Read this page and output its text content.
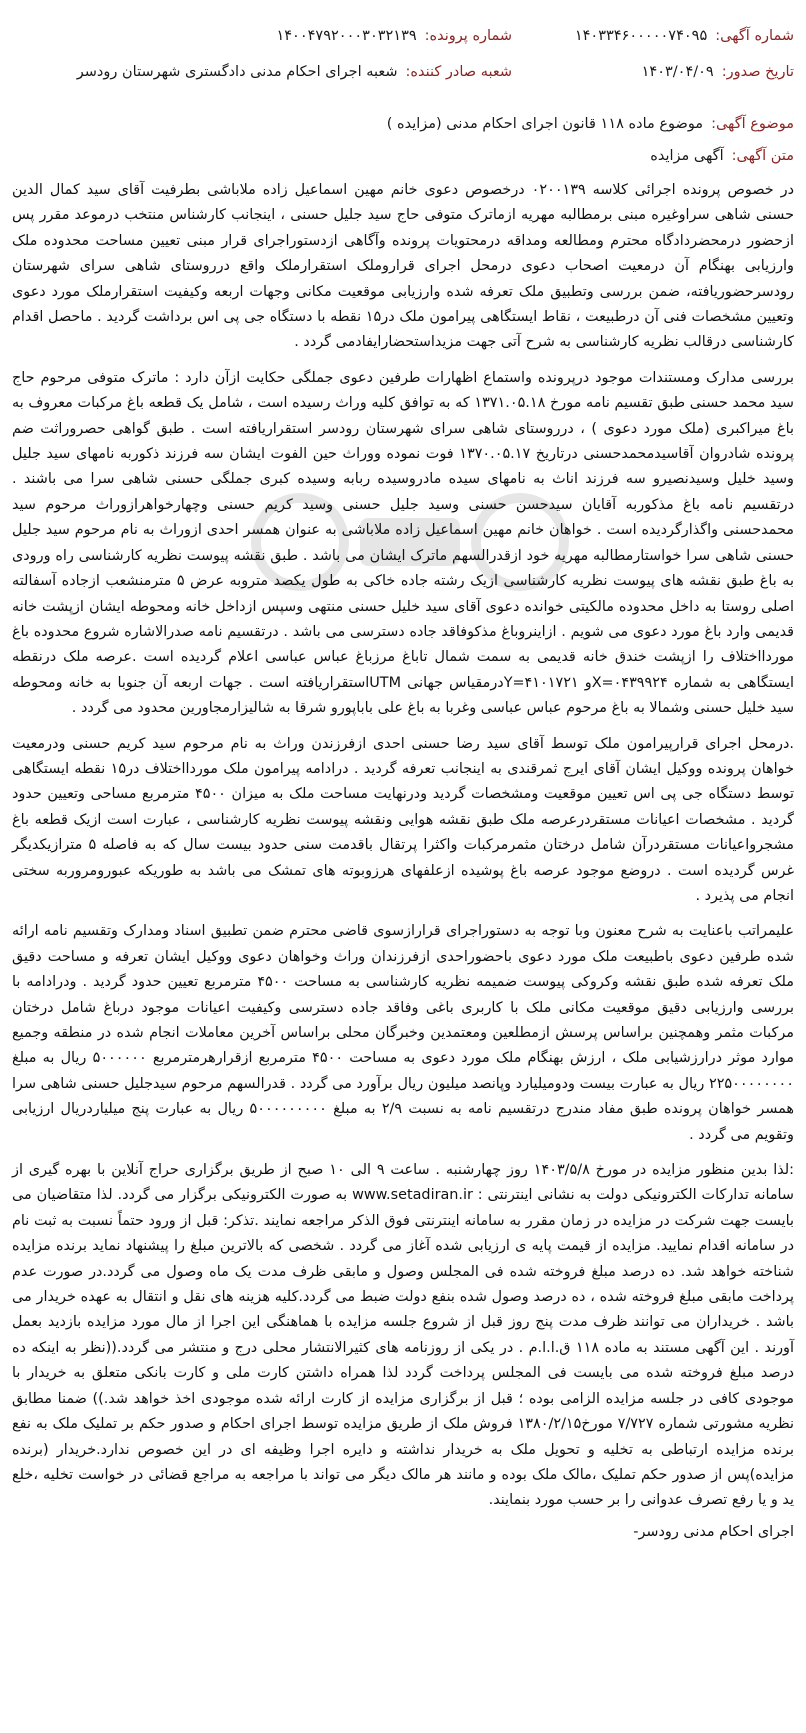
شماره آگهی:
۱۴۰۳۳۴۶۰۰۰۰۰۷۴۰۹۵
شماره پرونده:
۱۴۰۰۴۷۹۲۰۰۰۳۰۳۲۱۳۹
تاریخ صدور:
۱۴۰۳/۰۴/۰۹
شعبه صادر کننده:
شعبه اجرای احکام مدنی دادگستری شهرستان رودسر
موضوع آگهی:
موضوع ماده ۱۱۸ قانون اجرای احکام مدنی (مزایده )
متن آگهی:
آگهی مزایده

در خصوص پرونده اجرائی کلاسه ۰۲۰۰۱۳۹ درخصوص دعوی خانم مهین اسماعیل زاده ملاباشی بطرفیت آقای سید کمال الدین حسنی شاهی سراوغیره مبنی برمطالبه مهریه ازماترک متوفی حاج سید جلیل حسنی ، اینجانب کارشناس منتخب درموعد مقرر پس ازحضور درمحضردادگاه محترم ومطالعه ومداقه درمحتویات پرونده وآگاهی ازدستوراجرای قرار مبنی تعیین مساحت محدوده ملک وارزیابی بهنگام آن درمعیت اصحاب دعوی درمحل اجرای قراروملک استقرارملک واقع درروستای شاهی سرای شهرستان رودسرحضوریافته، ضمن بررسی وتطبیق ملک تعرفه شده وارزیابی موقعیت مکانی وجهات اربعه وکیفیت استقرارملک مورد دعوی وتعیین مشخصات فنی آن درطبیعت ، نقاط ایستگاهی پیرامون ملک در۱۵ نقطه با دستگاه جی پی اس برداشت گردید . ماحصل اقدام کارشناسی درقالب نظریه کارشناسی به شرح آتی جهت مزیداستحضارایفادمی گردد .

بررسی مدارک ومستندات موجود درپرونده واستماع اظهارات طرفین دعوی جملگی حکایت ازآن دارد : ماترک متوفی مرحوم حاج سید محمد حسنی طبق تقسیم نامه مورخ ۱۳۷۱.۰۵.۱۸ که به توافق کلیه وراث رسیده است ، شامل یک قطعه باغ مرکبات معروف به باغ میراکبری (ملک مورد دعوی ) ، درروستای شاهی سرای شهرستان رودسر استقراریافته است . طبق گواهی حصروراثت ضم پرونده شادروان آقاسیدمحمدحسنی درتاریخ ۱۳۷۰.۰۵.۱۷ فوت نموده ووراث حین الفوت ایشان سه فرزند ذکوربه نامهای سید جلیل وسید خلیل وسیدنصیرو سه فرزند اناث به نامهای سیده مادروسیده ربابه وسیده کبری جملگی حسنی شاهی سرا می باشند . درتقسیم نامه باغ مذکوربه آقایان سیدحسن حسنی وسید جلیل حسنی وسید کریم حسنی وچهارخواهرازوراث مرحوم سید محمدحسنی واگذارگردیده است . خواهان خانم مهین اسماعیل زاده ملاباشی به عنوان همسر احدی ازوراث به نام مرحوم سید جلیل حسنی شاهی سرا خواستارمطالبه مهریه خود ازقدرالسهم ماترک ایشان می باشد . طبق نقشه پیوست نظریه کارشناسی راه ورودی به باغ طبق نقشه های پیوست نظریه کارشناسی ازیک رشته جاده خاکی به طول یکصد متروبه عرض ۵ مترمنشعب ازجاده آسفالته اصلی روستا به داخل محدوده مالکیتی خوانده دعوی آقای سید خلیل حسنی منتهی وسپس ازداخل خانه ومحوطه ایشان ازپشت خانه قدیمی وارد باغ مورد دعوی می شویم . ازاینروباغ مذکوفاقد جاده دسترسی می باشد . درتقسیم نامه صدرالاشاره شروع محدوده باغ موردااختلاف را ازپشت خندق خانه قدیمی به سمت شمال تاباغ مرزباغ عباس عباسی اعلام گردیده است .عرصه ملک درنقطه ایستگاهی به شماره X=۰۴۳۹۹۲۴و Y=۴۱۰۱۷۲۱درمقیاس جهانی UTMاستقراریافته است . جهات اربعه آن جنوبا به خانه ومحوطه سید خلیل حسنی وشمالا به باغ مرحوم عباس عباسی وغربا به باغ علی باباپورو شرقا به شالیزارمجاورین محدود می گردد .

.درمحل اجرای قرارپیرامون ملک توسط آقای سید رضا حسنی احدی ازفرزندن وراث به نام مرحوم سید کریم حسنی ودرمعیت خواهان پرونده ووکیل ایشان آقای ایرج ثمرقندی به اینجانب تعرفه گردید . درادامه پیرامون ملک موردااختلاف در۱۵ نقطه ایستگاهی توسط دستگاه جی پی اس تعیین موقعیت ومشخصات گردید ودرنهایت مساحت ملک به میزان ۴۵۰۰ مترمربع مساحی وتعیین حدود گردید . مشخصات اعیانات مستقردرعرصه ملک طبق نقشه هوایی ونقشه پیوست نظریه کارشناسی ، عبارت است ازیک قطعه باغ مشجرواعیانات مستقردرآن شامل درختان مثمرمرکبات واکثرا پرتقال باقدمت سنی حدود بیست سال که به فاصله ۵ مترازیکدیگر غرس گردیده است . دروضع موجود عرصه باغ پوشیده ازعلفهای هرزوبوته های تمشک می باشد به طوریکه عبورومروربه سختی انجام می پذیرد .

علیمراتب باعنایت به شرح معنون وبا توجه به دستوراجرای قرارازسوی قاضی محترم ضمن تطبیق اسناد ومدارک وتقسیم نامه ارائه شده طرفین دعوی باطبیعت ملک مورد دعوی باحضوراحدی ازفرزندان وراث وخواهان دعوی ووکیل ایشان تعرفه و مساحت دقیق ملک تعرفه شده طبق نقشه وکروکی پیوست ضمیمه نظریه کارشناسی به مساحت ۴۵۰۰ مترمربع تعیین حدود گردید . ودرادامه با بررسی وارزیابی دقیق موقعیت مکانی ملک با کاربری باغی وفاقد جاده دسترسی وکیفیت اعیانات موجود درباغ شامل درختان مرکبات مثمر وهمچنین براساس پرسش ازمطلعین ومعتمدین وخبرگان محلی براساس آخرین معاملات انجام شده در منطقه وجمیع موارد موثر درارزشیابی ملک ، ارزش بهنگام ملک مورد دعوی به مساحت ۴۵۰۰ مترمربع ازقرارهرمترمربع ۵۰۰۰۰۰۰ ریال به مبلغ ۲۲۵۰۰۰۰۰۰۰۰ ریال به عبارت بیست ودومیلیارد وپانصد میلیون ریال برآورد می گردد . قدرالسهم مرحوم سیدجلیل حسنی شاهی سرا همسر خواهان پرونده طبق مفاد مندرج درتقسیم نامه به نسبت ۲/۹ به مبلغ ۵۰۰۰۰۰۰۰۰۰ ریال به عبارت پنج میلیاردریال ارزیابی وتقویم می گردد .

:لذا بدین منظور مزایده در مورخ ۱۴۰۳/۵/۸ روز چهارشنبه . ساعت ۹ الی ۱۰ صبح از طریق برگزاری حراج آنلاین با بهره گیری از سامانه تدارکات الکترونیکی دولت به نشانی اینترنتی : www.setadiran.ir به صورت الکترونیکی برگزار می گردد. لذا متقاضیان می بایست جهت شرکت در مزایده در زمان مقرر به سامانه اینترنتی فوق الذکر مراجعه نمایند .تذکر: قبل از ورود حتماً نسبت به ثبت نام در سامانه اقدام نمایید. مزایده از قیمت پایه ی ارزیابی شده آغاز می گردد . شخصی که بالاترین مبلغ را پیشنهاد نماید برنده مزایده شناخته خواهد شد. ده درصد مبلغ فروخته شده فی المجلس وصول و مابقی ظرف مدت یک ماه وصول می گردد.در صورت عدم پرداخت مابقی مبلغ فروخته شده ، ده درصد وصول شده بنفع دولت ضبط می گردد.کلیه هزینه های نقل و انتقال به عهده خریدار می باشد . خریداران می توانند ظرف مدت پنج روز قبل از شروع جلسه مزایده با هماهنگی این اجرا از مال مورد مزایده بازدید بعمل آورند . این آگهی مستند به ماده ۱۱۸ ق.ا.ا.م . در یکی از روزنامه های کثیرالانتشار محلی درج و منتشر می گردد.((نظر به اینکه ده درصد مبلغ فروخته شده می بایست فی المجلس پرداخت گردد لذا همراه داشتن کارت ملی و کارت بانکی متعلق به خریدار با موجودی کافی در جلسه مزایده الزامی بوده ؛ قبل از برگزاری مزایده از کارت ارائه شده موجودی اخذ خواهد شد.)) ضمنا مطابق نظریه مشورتی شماره ۷/۷۲۷ مورخ۱۳۸۰/۲/۱۵ فروش ملک از طریق مزایده توسط اجرای احکام و صدور حکم بر تملیک ملک به نفع برنده مزایده ارتباطی به تخلیه و تحویل ملک به خریدار نداشته و دایره اجرا وظیفه ای در این خصوص ندارد.خریدار (برنده مزایده)پس از صدور حکم تملیک ،مالک ملک بوده و مانند هر مالک دیگر می تواند با مراجعه به مراجع قضائی در خواست تخلیه ،خلع ید و یا رفع تصرف عدوانی را بر حسب مورد بنمایند.

اجرای احکام مدنی رودسر-
